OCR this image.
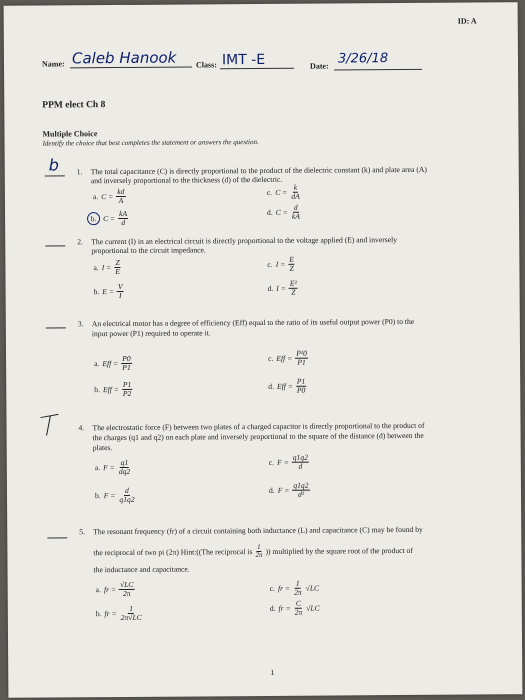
ID: A
Name: Caleb Hanook Class: IMT -E	Date: 3/26/18
PPM elect Ch 8
Multiple Choice
Identify the choice that best completes the statement or answers the question.
b 1. The total capacitance (C) is directly proportional to the product of the dielectric constant (k) and plate area (A)
and inversely proportional to the thickness (d) of the dielectric.
a. $C = \frac{kd}{A}$
b. $C = \frac{kA}{d}$
c. $C = \frac{k}{dA}$
d. $C = \frac{d}{kA}$
2. The current (I) in an electrical circuit is directly proportional to the voltage applied (E) and inversely
proportional to the circuit impedance.
a. $I = \frac{Z}{E}$
b. $E = \frac{V}{I}$
c. $I = \frac{E}{Z}$
d. $I = \frac{\text{E²}}{Z}$
3. An electrical motor has a degree of efficiency (Eff) equal to the ratio of its useful output power (P0) to the
input power (P1) required to operate it.
a. Eff = $\frac{P0}{P1}$
b. Eff = $\frac{P1}{P2}$
c. Eff = $\frac{\text{P²0}}{P1}$
d. Eff = $\frac{P1}{P0}$
4. The electrostatic force (F) between two plates of a charged capacitor is directly proportional to the product of
the charges (q1 and q2) on each plate and inversely proportional to the square of the distance (d) between the
plates.
a. $F = \frac{q1}{dq2}$
b. $F = \frac{d}{q1q2}$
c. $F = \frac{q1q2}{d}$
d. $F = \frac{q1q2}{\text{d²}}$
5. The resonant frequency (fr) of a circuit containing both inductance (L) and capacitance (C) may be found by
the reciprocal of two pi (2π) Hint:((The reciprocal is $\frac{1}{2\pi}$ )) multiplied by the square root of the product of
the inductance and capacitance.
a. fr = $\frac{√LC}{2\pi}$
b. fr = $\frac{1}{2\pi√LC}$
c. fr = $\frac{1}{2\pi} √LC$
d. fr = $\frac{C}{2\pi} √LC$
1
